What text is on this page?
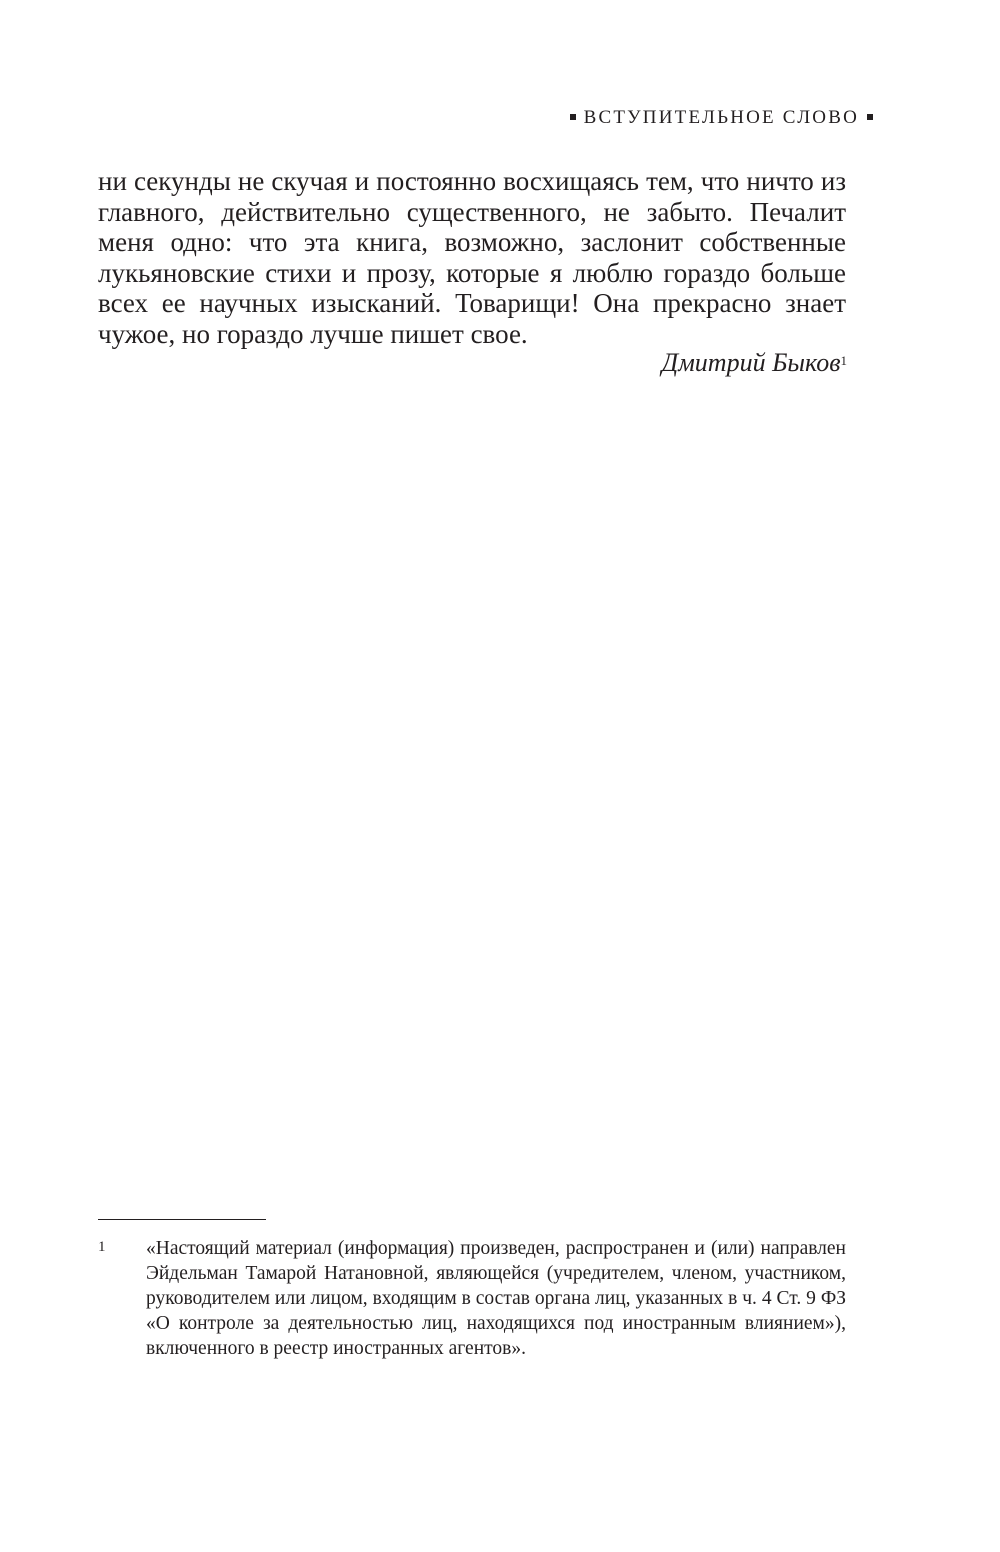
ВСТУПИТЕЛЬНОЕ СЛОВО

ни секунды не скучая и постоянно восхищаясь тем, что ничто из главного, действительно существенного, не забыто. Печалит меня одно: что эта книга, возможно, заслонит собственные лукьяновские стихи и прозу, которые я люблю гораздо больше всех ее научных изысканий. Товарищи! Она прекрасно знает чужое, но гораздо лучше пишет свое.

Дмитрий Быков$^1$
1 «Настоящий материал (информация) произведен, распространен и (или) направлен Эйдельман Тамарой Натановной, являющейся (учредителем, членом, участником, руководителем или лицом, входящим в состав органа лиц, указанных в ч. 4 Ст. 9 ФЗ «О контроле за деятельностью лиц, находящихся под иностранным влиянием»), включенного в реестр иностранных агентов».
